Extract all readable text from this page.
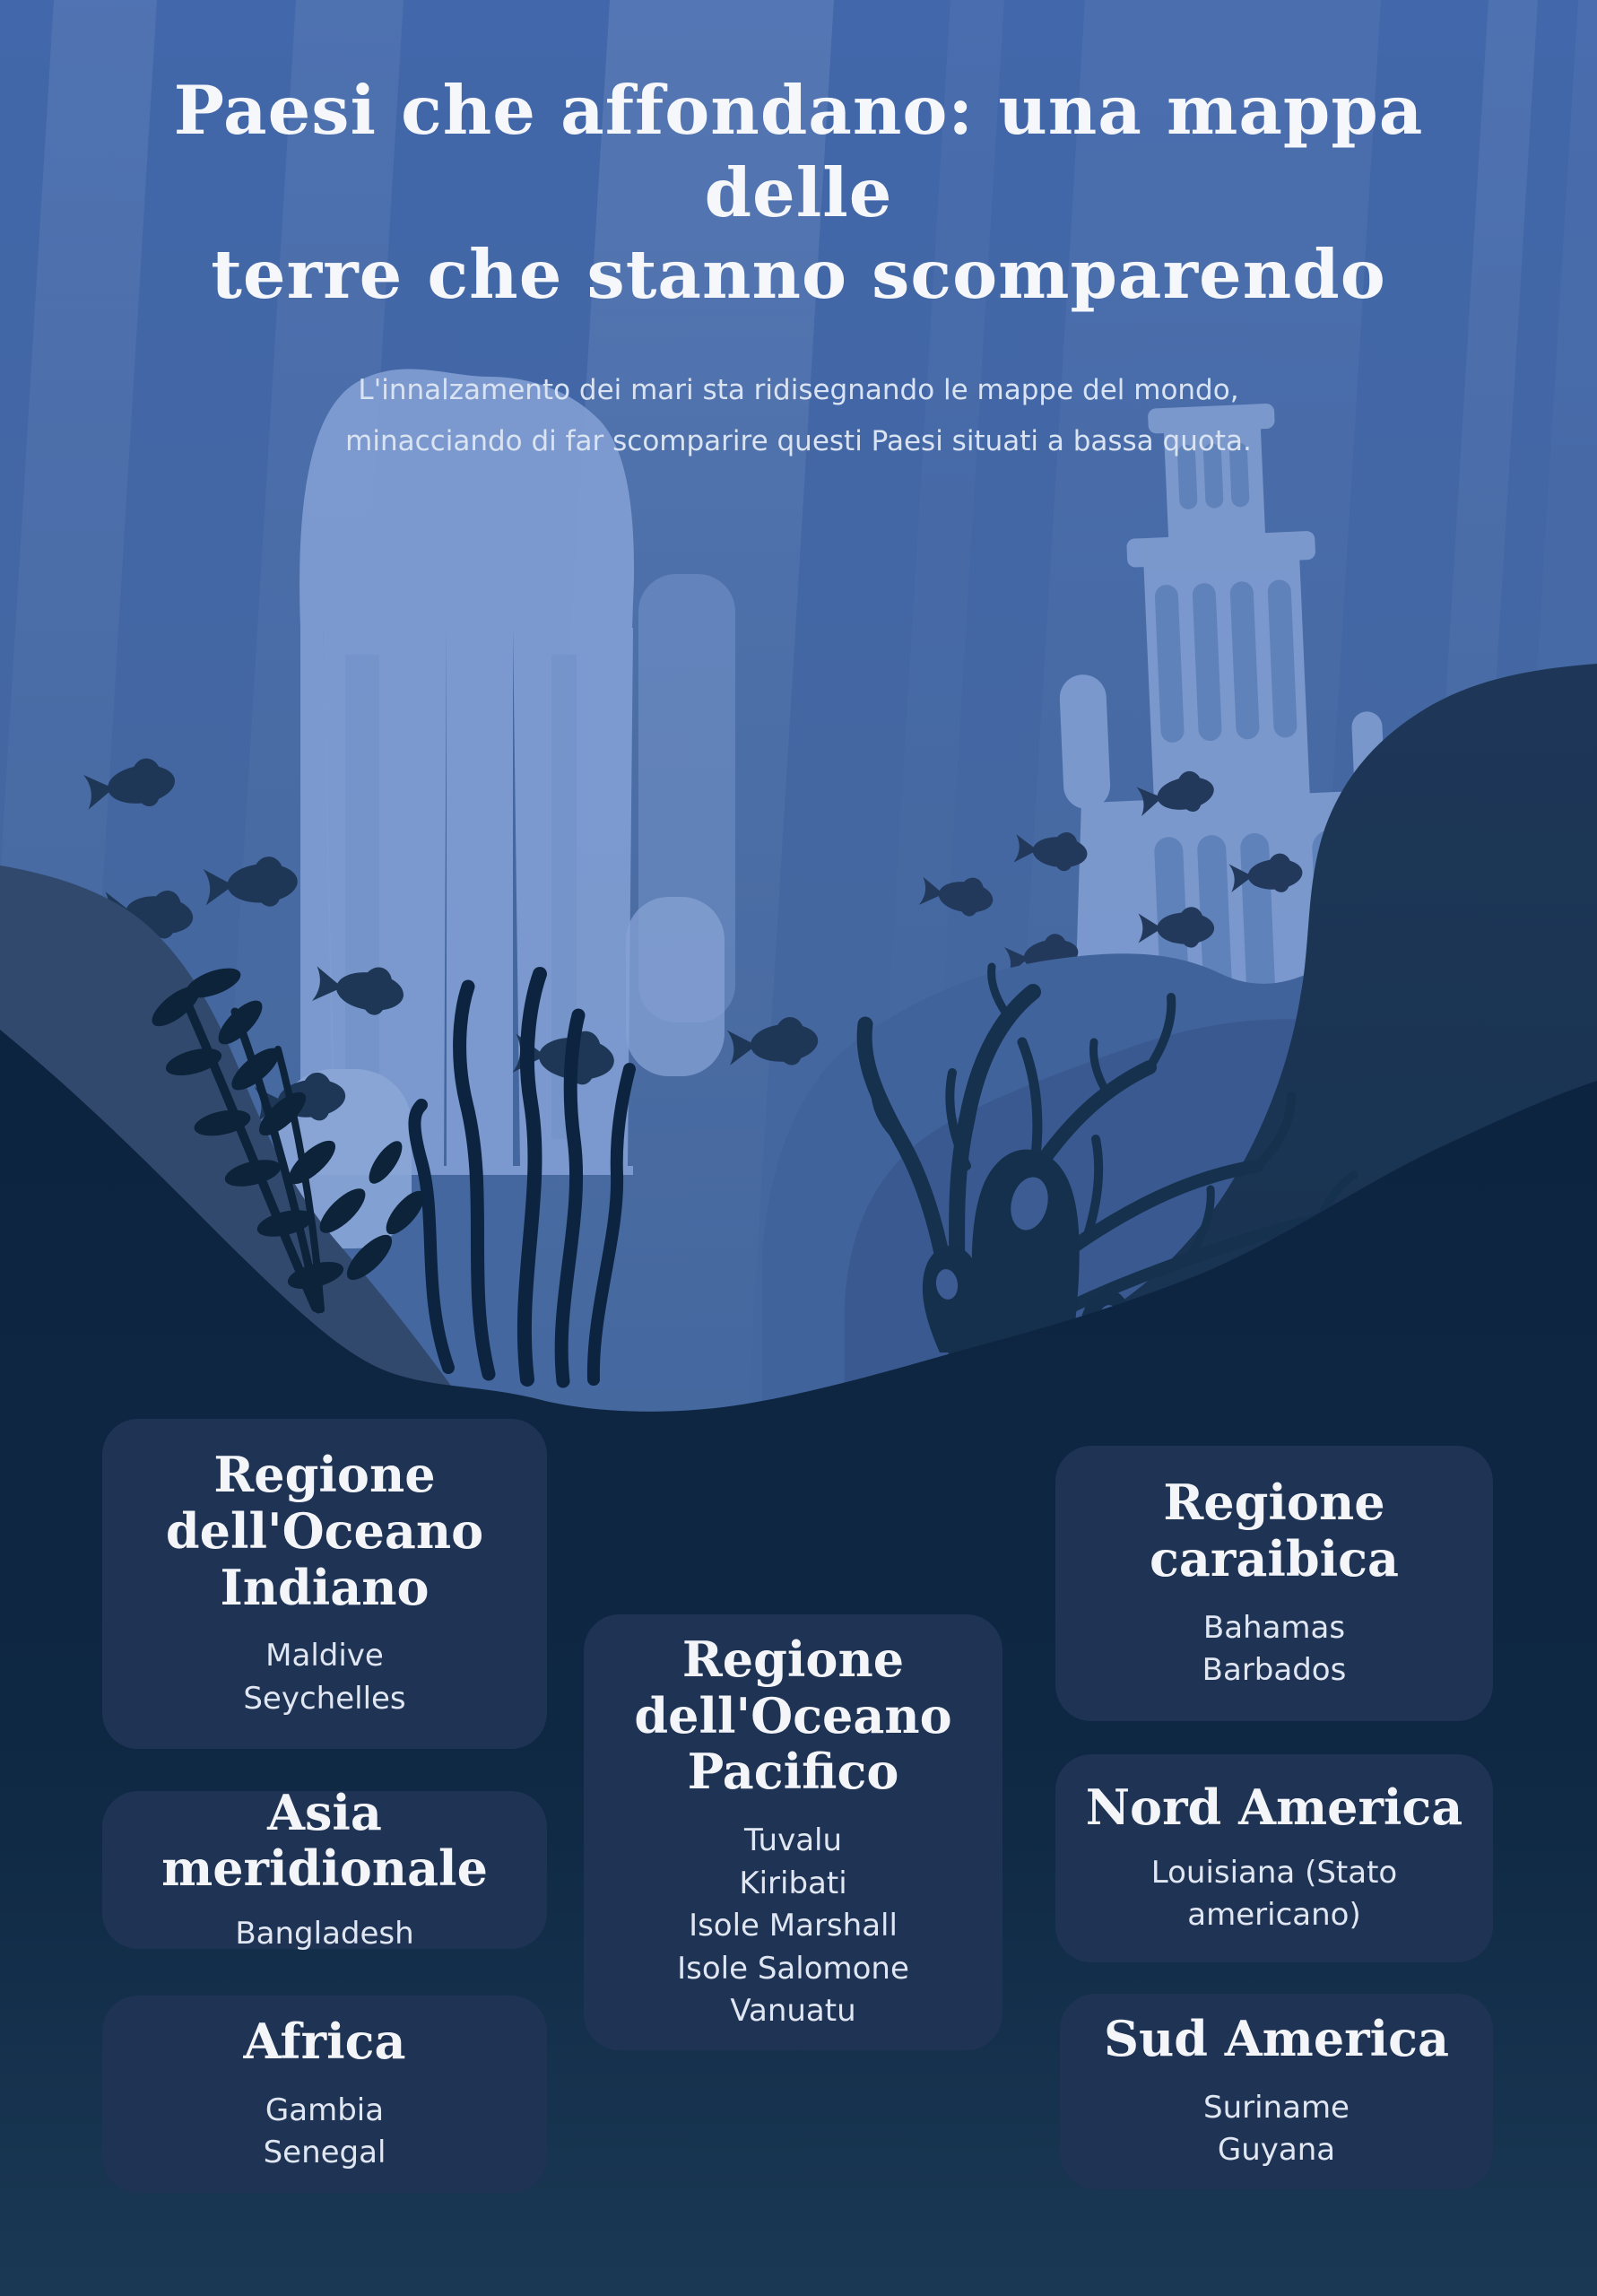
Paesi che affondano: una mappa delle
terre che stanno scomparendo

L'innalzamento dei mari sta ridisegnando le mappe del mondo,
minacciando di far scomparire questi Paesi situati a bassa quota.

Regione dell'Oceano Indiano
Maldive
Seychelles
Asia meridionale
Bangladesh
Africa
Gambia
Senegal
Regione dell'Oceano Pacifico
Tuvalu
Kiribati
Isole Marshall
Isole Salomone
Vanuatu
Regione caraibica
Bahamas
Barbados
Nord America
Louisiana (Stato americano)
Sud America
Suriname
Guyana
